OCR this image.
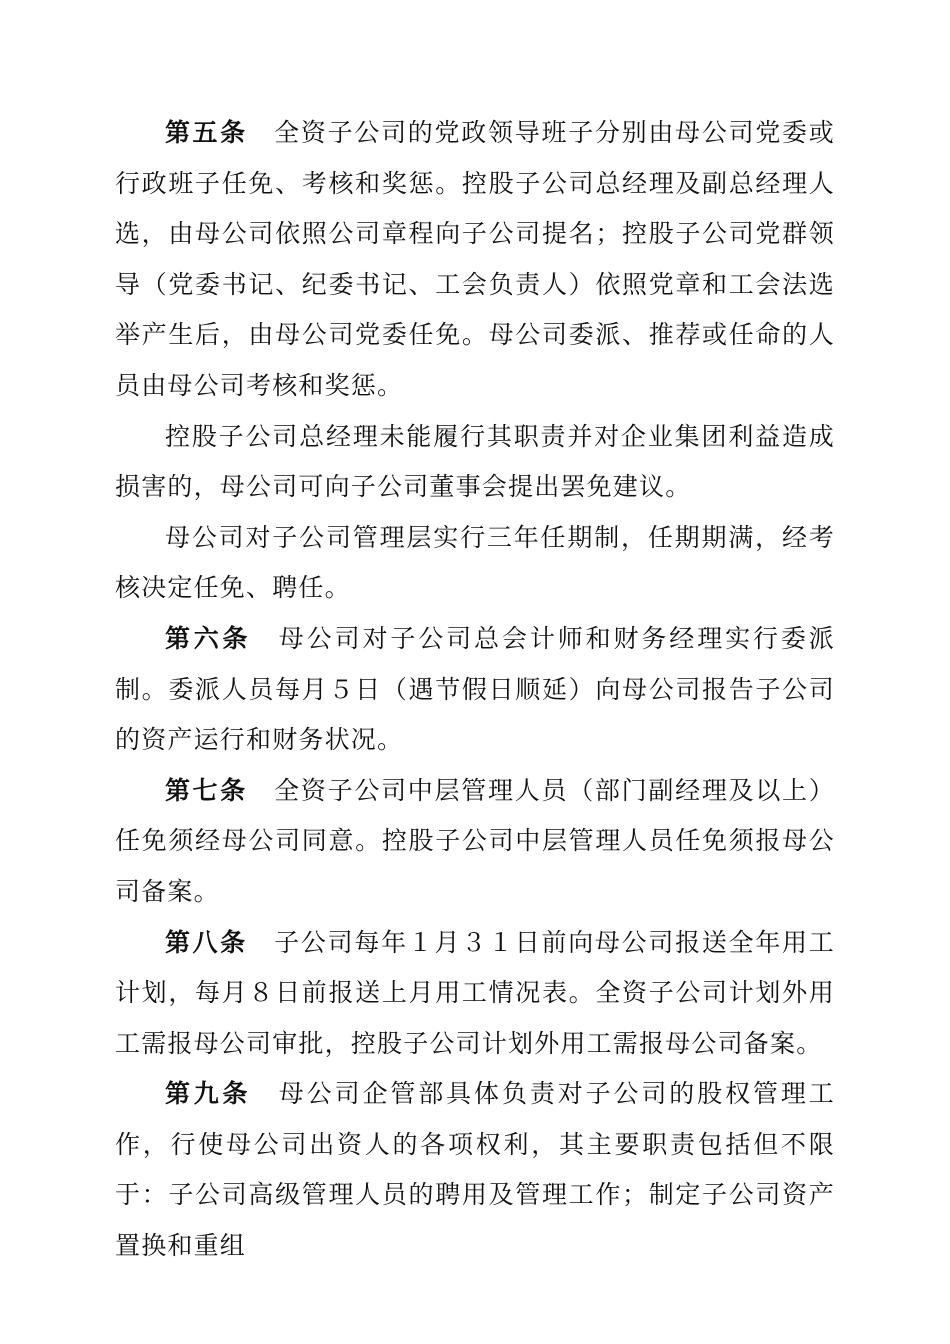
第五条 全资子公司的党政领导班子分别由母公司党委或行政班子任免、考核和奖惩。控股子公司总经理及副总经理人选，由母公司依照公司章程向子公司提名；控股子公司党群领导（党委书记、纪委书记、工会负责人）依照党章和工会法选举产生后，由母公司党委任免。母公司委派、推荐或任命的人员由母公司考核和奖惩。

控股子公司总经理未能履行其职责并对企业集团利益造成损害的，母公司可向子公司董事会提出罢免建议。

母公司对子公司管理层实行三年任期制，任期期满，经考核决定任免、聘任。

第六条 母公司对子公司总会计师和财务经理实行委派制。委派人员每月５日（遇节假日顺延）向母公司报告子公司的资产运行和财务状况。

第七条 全资子公司中层管理人员（部门副经理及以上）任免须经母公司同意。控股子公司中层管理人员任免须报母公司备案。

第八条 子公司每年１月３１日前向母公司报送全年用工计划，每月８日前报送上月用工情况表。全资子公司计划外用工需报母公司审批，控股子公司计划外用工需报母公司备案。

第九条 母公司企管部具体负责对子公司的股权管理工作，行使母公司出资人的各项权利，其主要职责包括但不限于：子公司高级管理人员的聘用及管理工作；制定子公司资产置换和重组
